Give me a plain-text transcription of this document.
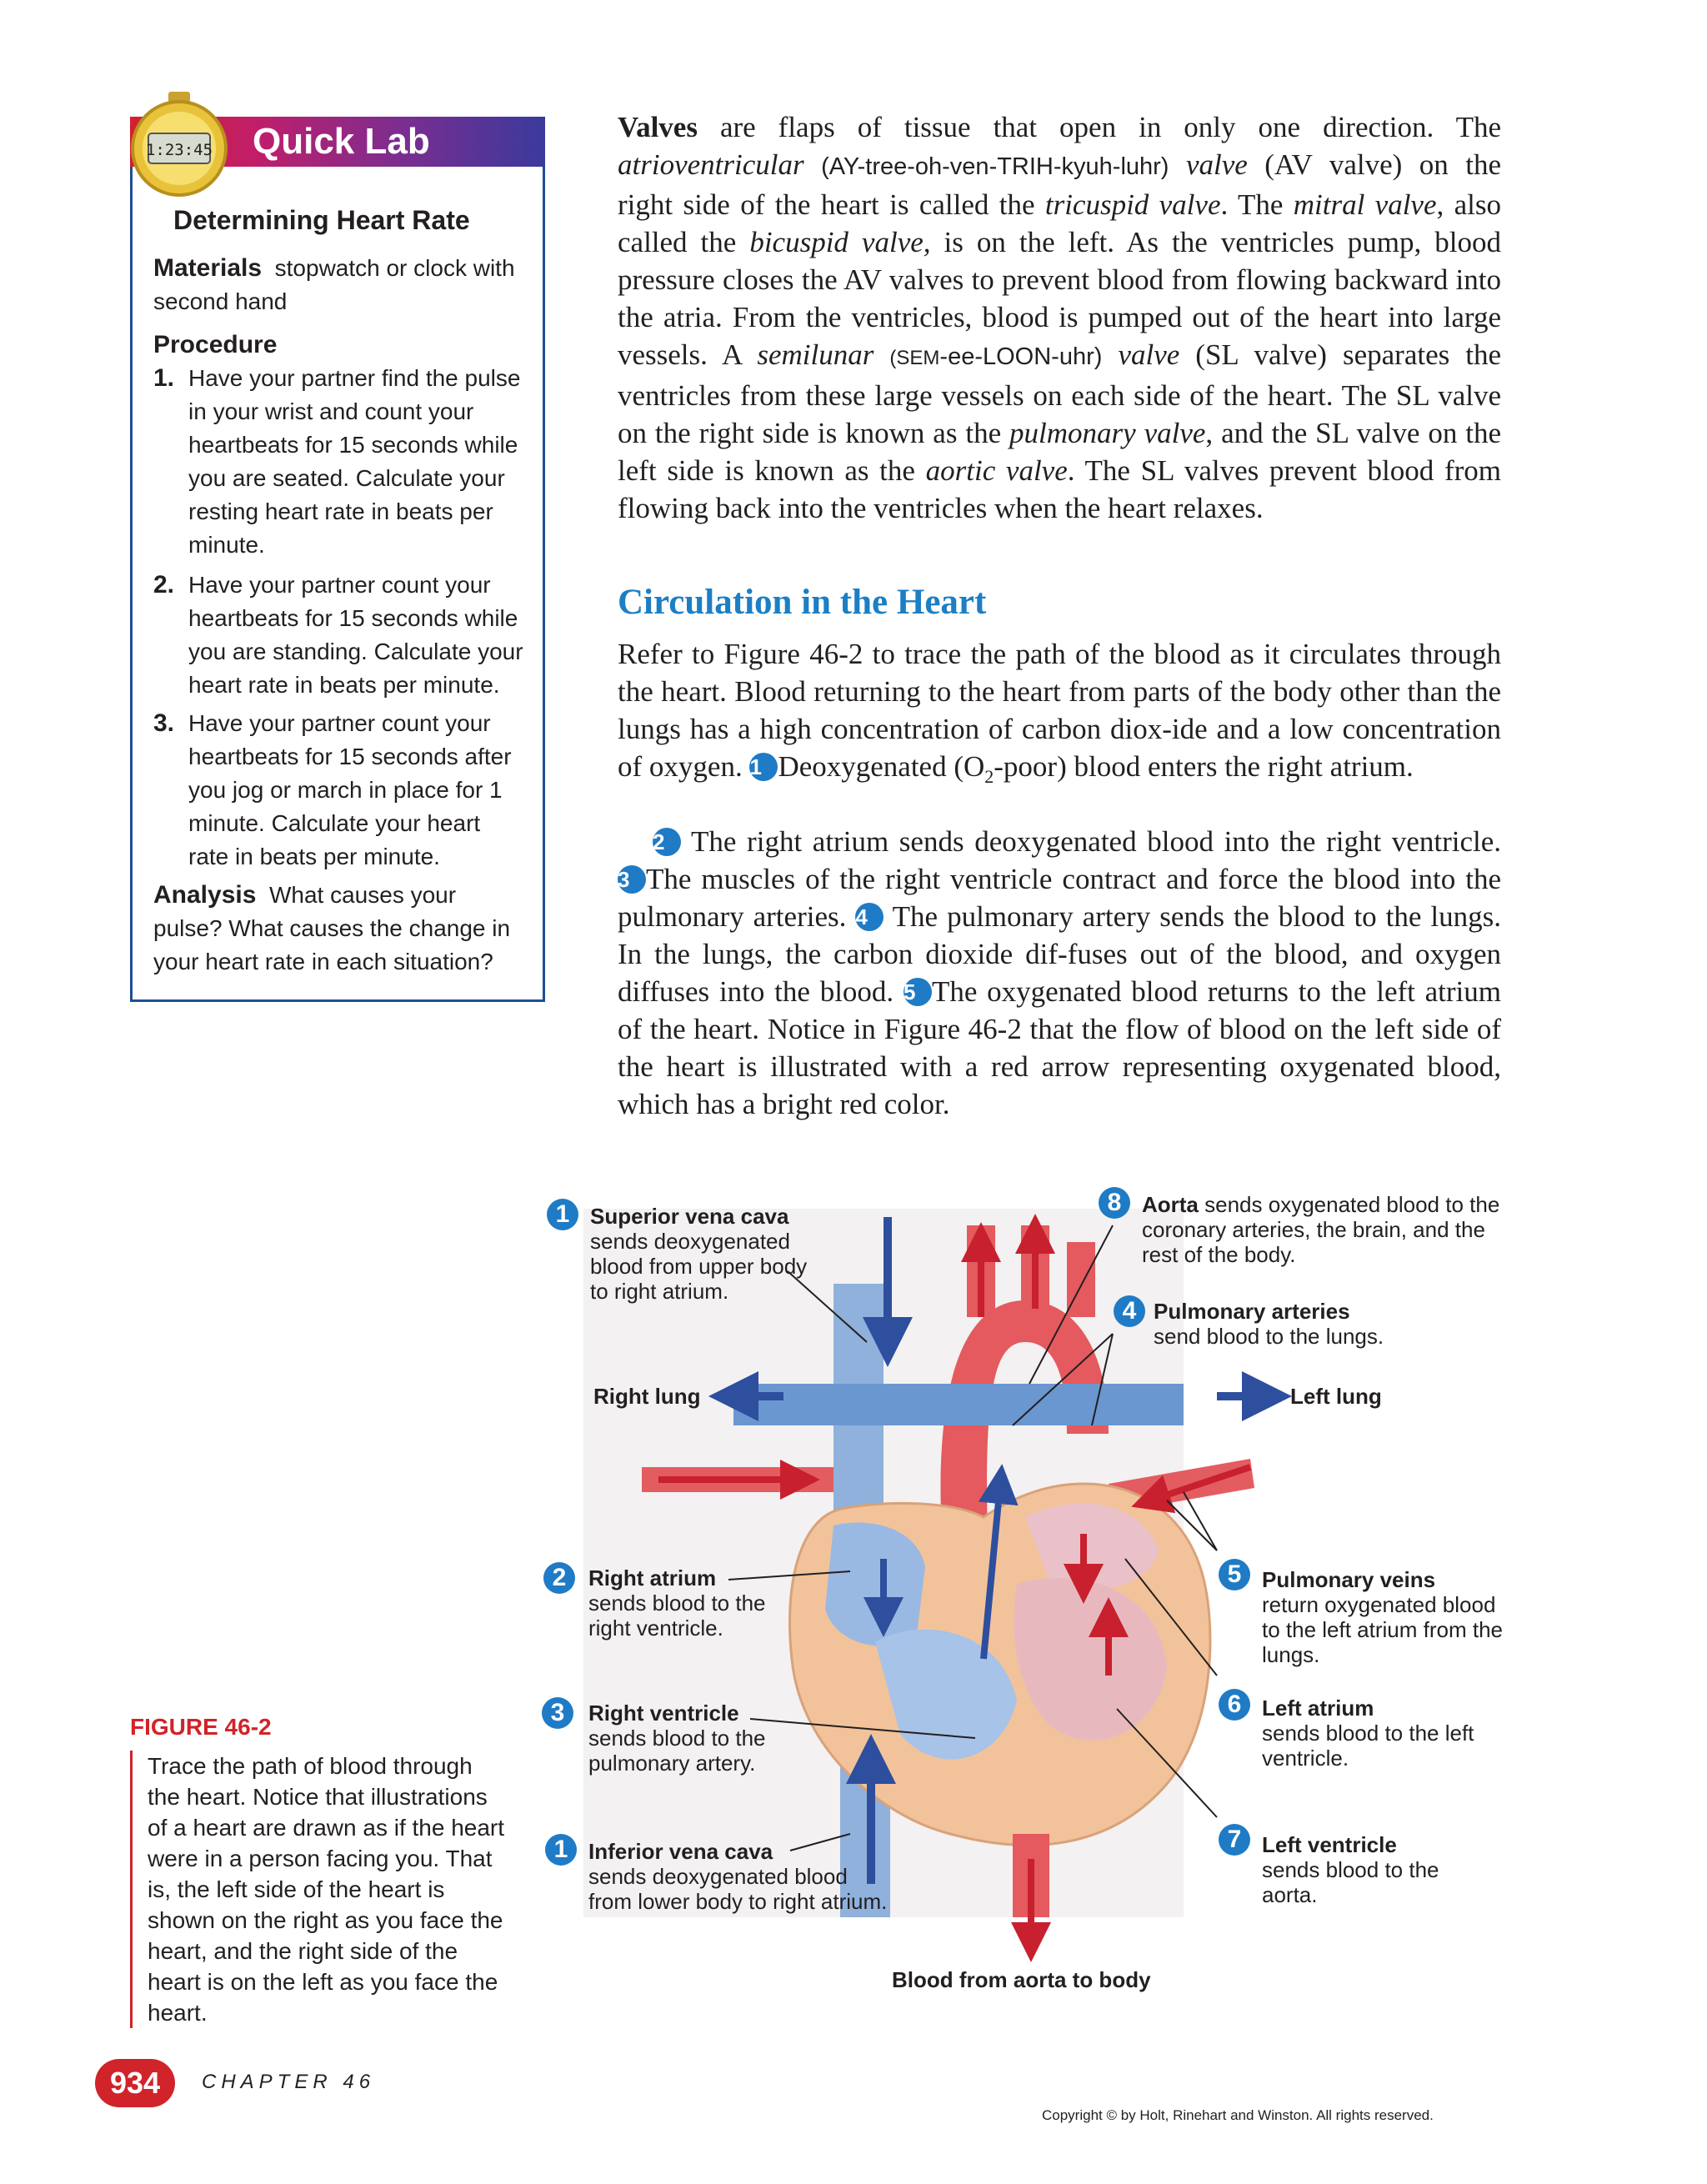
Quick Lab
1:23:45
Determining Heart Rate
Materials stopwatch or clock with second hand
Procedure
1. Have your partner find the pulse in your wrist and count your heartbeats for 15 seconds while you are seated. Calculate your resting heart rate in beats per minute.
2. Have your partner count your heartbeats for 15 seconds while you are standing. Calculate your heart rate in beats per minute.
3. Have your partner count your heartbeats for 15 seconds after you jog or march in place for 1 minute. Calculate your heart rate in beats per minute.
Analysis What causes your pulse? What causes the change in your heart rate in each situation?
Valves are flaps of tissue that open in only one direction. The atrioventricular (AY-tree-oh-ven-TRIH-kyuh-luhr) valve (AV valve) on the right side of the heart is called the tricuspid valve. The mitral valve, also called the bicuspid valve, is on the left. As the ventricles pump, blood pressure closes the AV valves to prevent blood from flowing backward into the atria. From the ventricles, blood is pumped out of the heart into large vessels. A semilunar (SEM-ee-LOON-uhr) valve (SL valve) separates the ventricles from these large vessels on each side of the heart. The SL valve on the right side is known as the pulmonary valve, and the SL valve on the left side is known as the aortic valve. The SL valves prevent blood from flowing back into the ventricles when the heart relaxes.
Circulation in the Heart
Refer to Figure 46-2 to trace the path of the blood as it circulates through the heart. Blood returning to the heart from parts of the body other than the lungs has a high concentration of carbon diox-ide and a low concentration of oxygen. 1 Deoxygenated $(O_2-poor)$ blood enters the right atrium.
2 The right atrium sends deoxygenated blood into the right ventricle. 3 The muscles of the right ventricle contract and force the blood into the pulmonary arteries. 4 The pulmonary artery sends the blood to the lungs. In the lungs, the carbon dioxide dif-fuses out of the blood, and oxygen diffuses into the blood. 5 The oxygenated blood returns to the left atrium of the heart. Notice in Figure 46-2 that the flow of blood on the left side of the heart is illustrated with a red arrow representing oxygenated blood, which has a bright red color.
1 Superior vena cava
sends deoxygenated blood from upper body to right atrium.
8 Aorta sends oxygenated blood to the coronary arteries, the brain, and the rest of the body.
4 Pulmonary arteries
send blood to the lungs.
Right lung	Left lung
2	Right atrium
sends blood to the right ventricle.
5 Pulmonary veins
return oxygenated blood to the left atrium from the lungs.
3	Right ventricle
sends blood to the pulmonary artery.
6 Left atrium
sends blood to the left ventricle.
1 Inferior vena cava
sends deoxygenated blood from lower body to right atrium.
7 Left ventricle
sends blood to the aorta.
Blood from aorta to body
FIGURE 46-2
Trace the path of blood through the heart. Notice that illustrations of a heart are drawn as if the heart were in a person facing you. That is, the left side of the heart is shown on the right as you face the heart, and the right side of the heart is on the left as you face the heart.
934	CHAPTER 46
Copyright © by Holt, Rinehart and Winston. All rights reserved.
